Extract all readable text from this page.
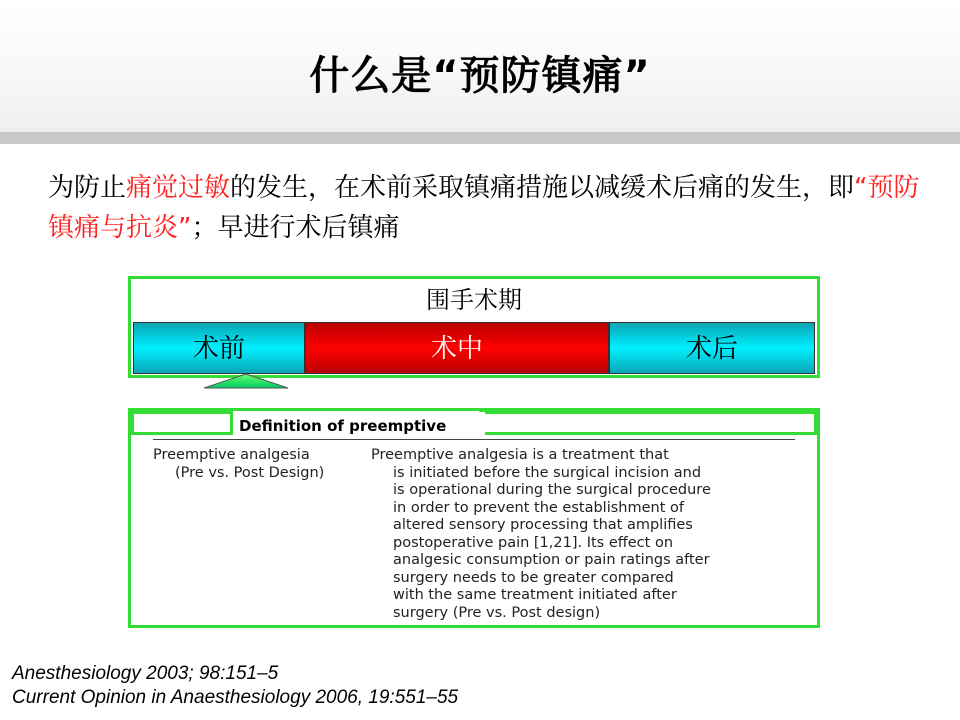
什么是“预防镇痛”
为防止痛觉过敏的发生，在术前采取镇痛措施以减缓术后痛的发生，即“预防镇痛与抗炎”；早进行术后镇痛
围手术期
术前	术中	术后
Definition of preemptive
Preemptive analgesia
(Pre vs. Post Design)
Preemptive analgesia is a treatment that
is initiated before the surgical incision and
is operational during the surgical procedure
in order to prevent the establishment of
altered sensory processing that amplifies
postoperative pain [1,21]. Its effect on
analgesic consumption or pain ratings after
surgery needs to be greater compared
with the same treatment initiated after
surgery (Pre vs. Post design)
Anesthesiology 2003; 98:151–5
Current Opinion in Anaesthesiology 2006, 19:551–55
